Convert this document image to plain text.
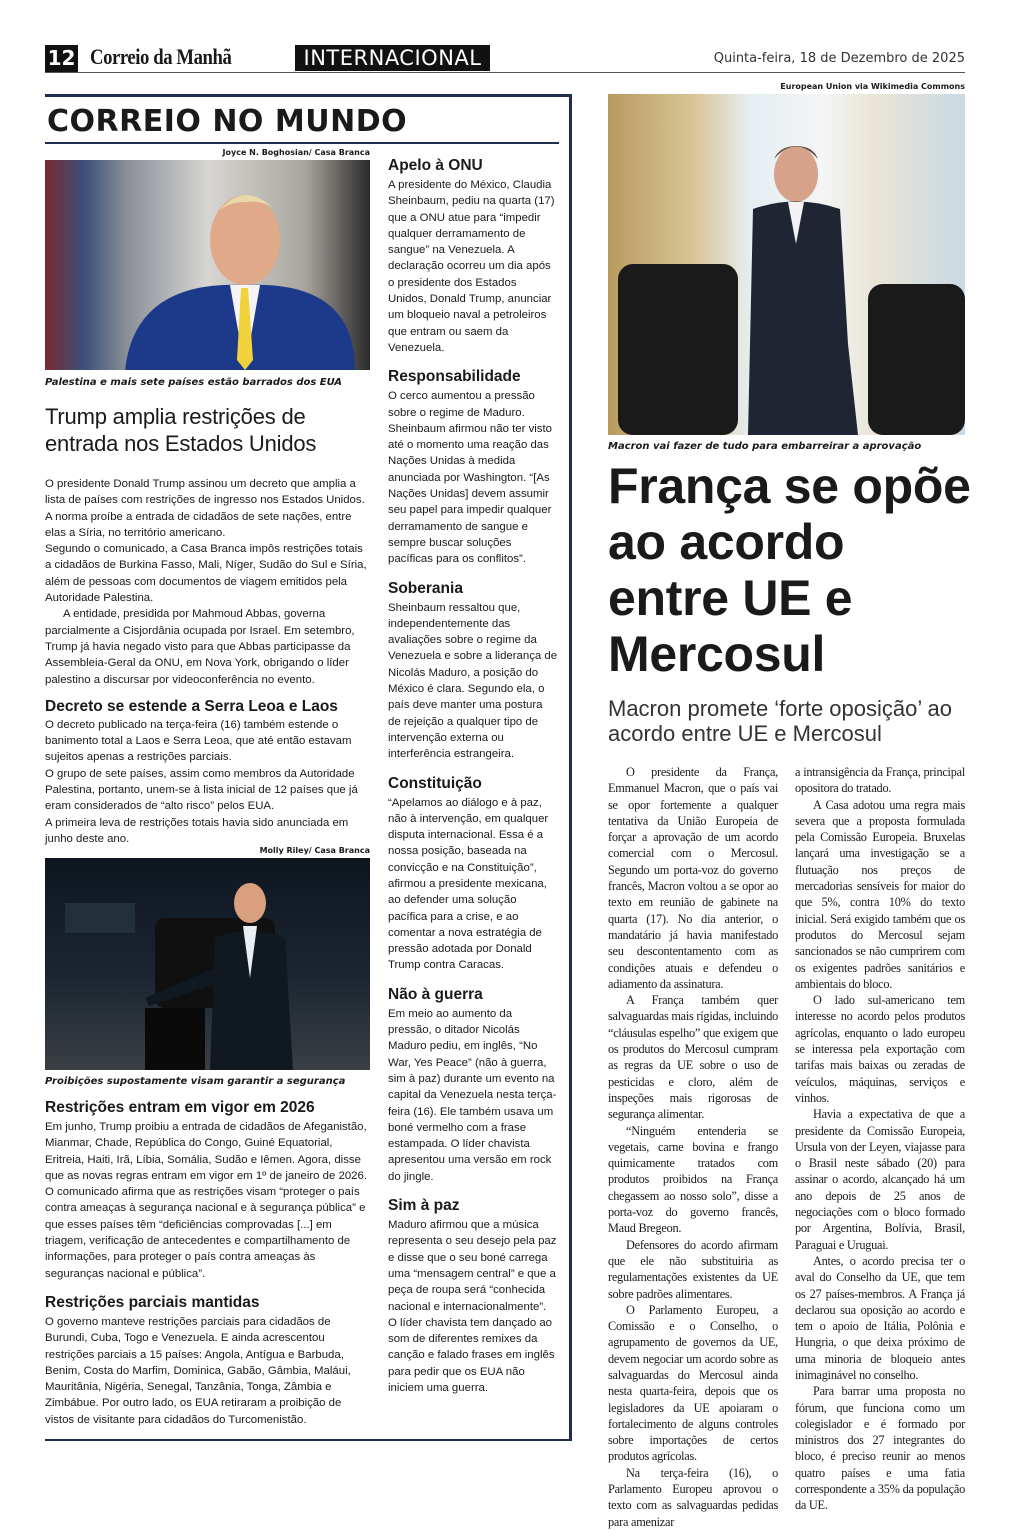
12 Correio da Manhã	INTERNACIONAL	Quinta-feira, 18 de Dezembro de 2025
CORREIO NO MUNDO
Joyce N. Boghosian/ Casa Branca
Palestina e mais sete países estão barrados dos EUA
Trump amplia restrições de entrada nos Estados Unidos

O presidente Donald Trump assinou um decreto que amplia a lista de países com restrições de ingresso nos Estados Unidos. A norma proíbe a entrada de cidadãos de sete nações, entre elas a Síria, no território americano.

Segundo o comunicado, a Casa Branca impôs restrições totais a cidadãos de Burkina Fasso, Mali, Níger, Sudão do Sul e Síria, além de pessoas com documentos de viagem emitidos pela Autoridade Palestina.

A entidade, presidida por Mahmoud Abbas, governa parcialmente a Cisjordânia ocupada por Israel. Em setembro, Trump já havia negado visto para que Abbas participasse da Assembleia-Geral da ONU, em Nova York, obrigando o líder palestino a discursar por videoconferência no evento.

Decreto se estende a Serra Leoa e Laos

O decreto publicado na terça-feira (16) também estende o banimento total a Laos e Serra Leoa, que até então estavam sujeitos apenas a restrições parciais.

O grupo de sete países, assim como membros da Autoridade Palestina, portanto, unem-se à lista inicial de 12 países que já eram considerados de “alto risco” pelos EUA.

A primeira leva de restrições totais havia sido anunciada em junho deste ano.

Molly Riley/ Casa Branca
Proibições supostamente visam garantir a segurança
Restrições entram em vigor em 2026

Em junho, Trump proibiu a entrada de cidadãos de Afeganistão, Mianmar, Chade, República do Congo, Guiné Equatorial, Eritreia, Haiti, Irã, Líbia, Somália, Sudão e Iêmen. Agora, disse que as novas regras entram em vigor em 1º de janeiro de 2026. O comunicado afirma que as restrições visam “proteger o país contra ameaças à segurança nacional e à segurança pública” e que esses países têm “deficiências comprovadas [...] em triagem, verificação de antecedentes e compartilhamento de informações, para proteger o país contra ameaças às seguranças nacional e pública”.

Restrições parciais mantidas

O governo manteve restrições parciais para cidadãos de Burundi, Cuba, Togo e Venezuela. E ainda acrescentou restrições parciais a 15 países: Angola, Antígua e Barbuda, Benim, Costa do Marfim, Dominica, Gabão, Gâmbia, Maláui, Mauritânia, Nigéria, Senegal, Tanzânia, Tonga, Zâmbia e Zimbábue. Por outro lado, os EUA retiraram a proibição de vistos de visitante para cidadãos do Turcomenistão.

Apelo à ONU

A presidente do México, Claudia Sheinbaum, pediu na quarta (17) que a ONU atue para “impedir qualquer derramamento de sangue” na Venezuela. A declaração ocorreu um dia após o presidente dos Estados Unidos, Donald Trump, anunciar um bloqueio naval a petroleiros que entram ou saem da Venezuela.

Responsabilidade

O cerco aumentou a pressão sobre o regime de Maduro. Sheinbaum afirmou não ter visto até o momento uma reação das Nações Unidas à medida anunciada por Washington. “[As Nações Unidas] devem assumir seu papel para impedir qualquer derramamento de sangue e sempre buscar soluções pacíficas para os conflitos”.

Soberania

Sheinbaum ressaltou que, independentemente das avaliações sobre o regime da Venezuela e sobre a liderança de Nicolás Maduro, a posição do México é clara. Segundo ela, o país deve manter uma postura de rejeição a qualquer tipo de intervenção externa ou interferência estrangeira.

Constituição

“Apelamos ao diálogo e à paz, não à intervenção, em qualquer disputa internacional. Essa é a nossa posição, baseada na convicção e na Constituição”, afirmou a presidente mexicana, ao defender uma solução pacífica para a crise, e ao comentar a nova estratégia de pressão adotada por Donald Trump contra Caracas.

Não à guerra

Em meio ao aumento da pressão, o ditador Nicolás Maduro pediu, em inglês, “No War, Yes Peace” (não à guerra, sim à paz) durante um evento na capital da Venezuela nesta terça-feira (16). Ele também usava um boné vermelho com a frase estampada. O líder chavista apresentou uma versão em rock do jingle.

Sim à paz

Maduro afirmou que a música representa o seu desejo pela paz e disse que o seu boné carrega uma “mensagem central” e que a peça de roupa será “conhecida nacional e internacionalmente”. O líder chavista tem dançado ao som de diferentes remixes da canção e falado frases em inglês para pedir que os EUA não iniciem uma guerra.

European Union via Wikimedia Commons
Macron vai fazer de tudo para embarreirar a aprovação
França se opõe ao acordo entre UE e Mercosul
Macron promete ‘forte oposição’ ao acordo entre UE e Mercosul

O presidente da França, Emmanuel Macron, que o país vai se opor fortemente a qualquer tentativa da União Europeia de forçar a aprovação de um acordo comercial com o Mercosul. Segundo um porta-voz do governo francês, Macron voltou a se opor ao texto em reunião de gabinete na quarta (17). No dia anterior, o mandatário já havia manifestado seu descontentamento com as condições atuais e defendeu o adiamento da assinatura.

A França também quer salvaguardas mais rígidas, incluindo “cláusulas espelho” que exigem que os produtos do Mercosul cumpram as regras da UE sobre o uso de pesticidas e cloro, além de inspeções mais rigorosas de segurança alimentar.

“Ninguém entenderia se vegetais, carne bovina e frango quimicamente tratados com produtos proibidos na França chegassem ao nosso solo”, disse a porta-voz do governo francês, Maud Bregeon.

Defensores do acordo afirmam que ele não substituiria as regulamentações existentes da UE sobre padrões alimentares.

O Parlamento Europeu, a Comissão e o Conselho, o agrupamento de governos da UE, devem negociar um acordo sobre as salvaguardas do Mercosul ainda nesta quarta-feira, depois que os legisladores da UE apoiaram o fortalecimento de alguns controles sobre importações de certos produtos agrícolas.

Na terça-feira (16), o Parlamento Europeu aprovou o texto com as salvaguardas pedidas para amenizar

a intransigência da França, principal opositora do tratado.

A Casa adotou uma regra mais severa que a proposta formulada pela Comissão Europeia. Bruxelas lançará uma investigação se a flutuação nos preços de mercadorias sensíveis for maior do que 5%, contra 10% do texto inicial. Será exigido também que os produtos do Mercosul sejam sancionados se não cumprirem com os exigentes padrões sanitários e ambientais do bloco.

O lado sul-americano tem interesse no acordo pelos produtos agrícolas, enquanto o lado europeu se interessa pela exportação com tarifas mais baixas ou zeradas de veículos, máquinas, serviços e vinhos.

Havia a expectativa de que a presidente da Comissão Europeia, Ursula von der Leyen, viajasse para o Brasil neste sábado (20) para assinar o acordo, alcançado há um ano depois de 25 anos de negociações com o bloco formado por Argentina, Bolívia, Brasil, Paraguai e Uruguai.

Antes, o acordo precisa ter o aval do Conselho da UE, que tem os 27 países-membros. A França já declarou sua oposição ao acordo e tem o apoio de Itália, Polônia e Hungria, o que deixa próximo de uma minoria de bloqueio antes inimaginável no conselho.

Para barrar uma proposta no fórum, que funciona como um colegislador e é formado por ministros dos 27 integrantes do bloco, é preciso reunir ao menos quatro países e uma fatia correspondente a 35% da população da UE.
